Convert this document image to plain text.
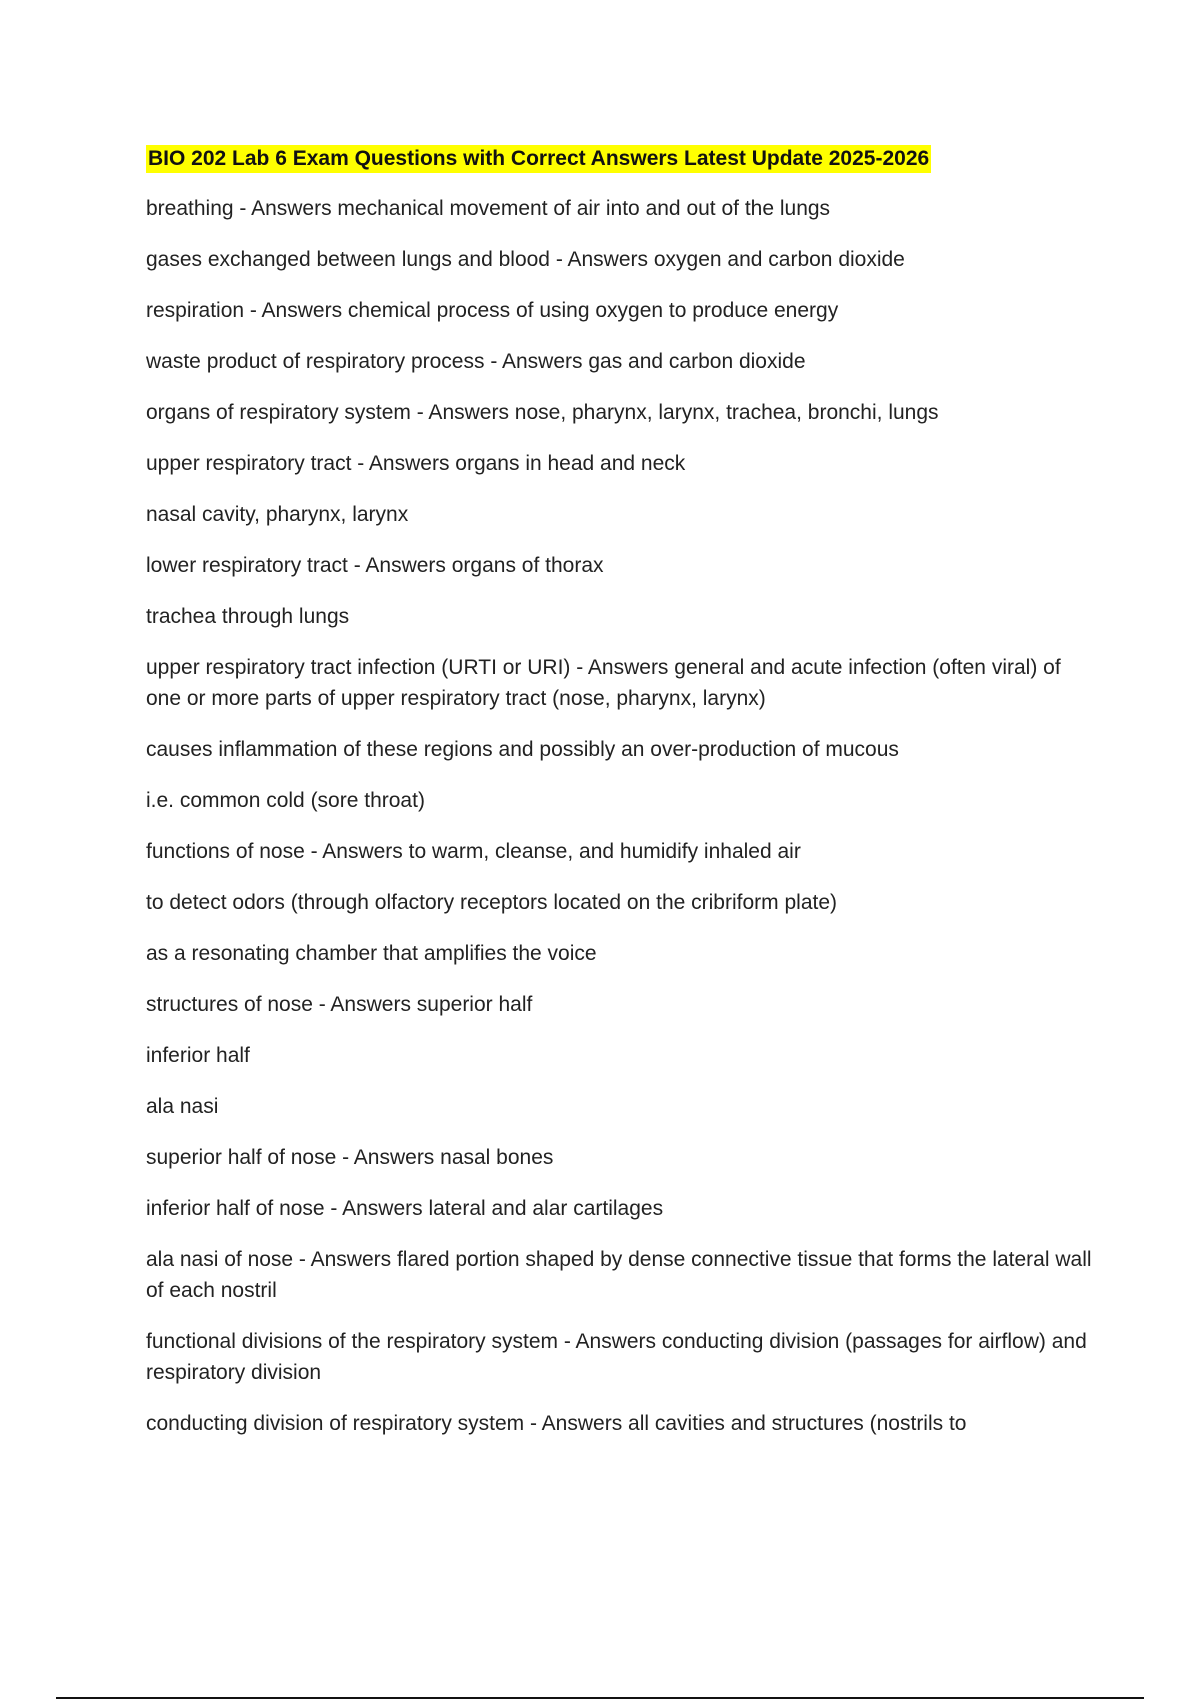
BIO 202 Lab 6 Exam Questions with Correct Answers Latest Update 2025-2026
breathing - Answers mechanical movement of air into and out of the lungs
gases exchanged between lungs and blood - Answers oxygen and carbon dioxide
respiration - Answers chemical process of using oxygen to produce energy
waste product of respiratory process - Answers gas and carbon dioxide
organs of respiratory system - Answers nose, pharynx, larynx, trachea, bronchi, lungs
upper respiratory tract - Answers organs in head and neck
nasal cavity, pharynx, larynx
lower respiratory tract - Answers organs of thorax
trachea through lungs
upper respiratory tract infection (URTI or URI) - Answers general and acute infection (often viral) of one or more parts of upper respiratory tract (nose, pharynx, larynx)
causes inflammation of these regions and possibly an over-production of mucous
i.e. common cold (sore throat)
functions of nose - Answers to warm, cleanse, and humidify inhaled air
to detect odors (through olfactory receptors located on the cribriform plate)
as a resonating chamber that amplifies the voice
structures of nose - Answers superior half
inferior half
ala nasi
superior half of nose - Answers nasal bones
inferior half of nose - Answers lateral and alar cartilages
ala nasi of nose - Answers flared portion shaped by dense connective tissue that forms the lateral wall of each nostril
functional divisions of the respiratory system - Answers conducting division (passages for airflow) and respiratory division
conducting division of respiratory system - Answers all cavities and structures (nostrils to
